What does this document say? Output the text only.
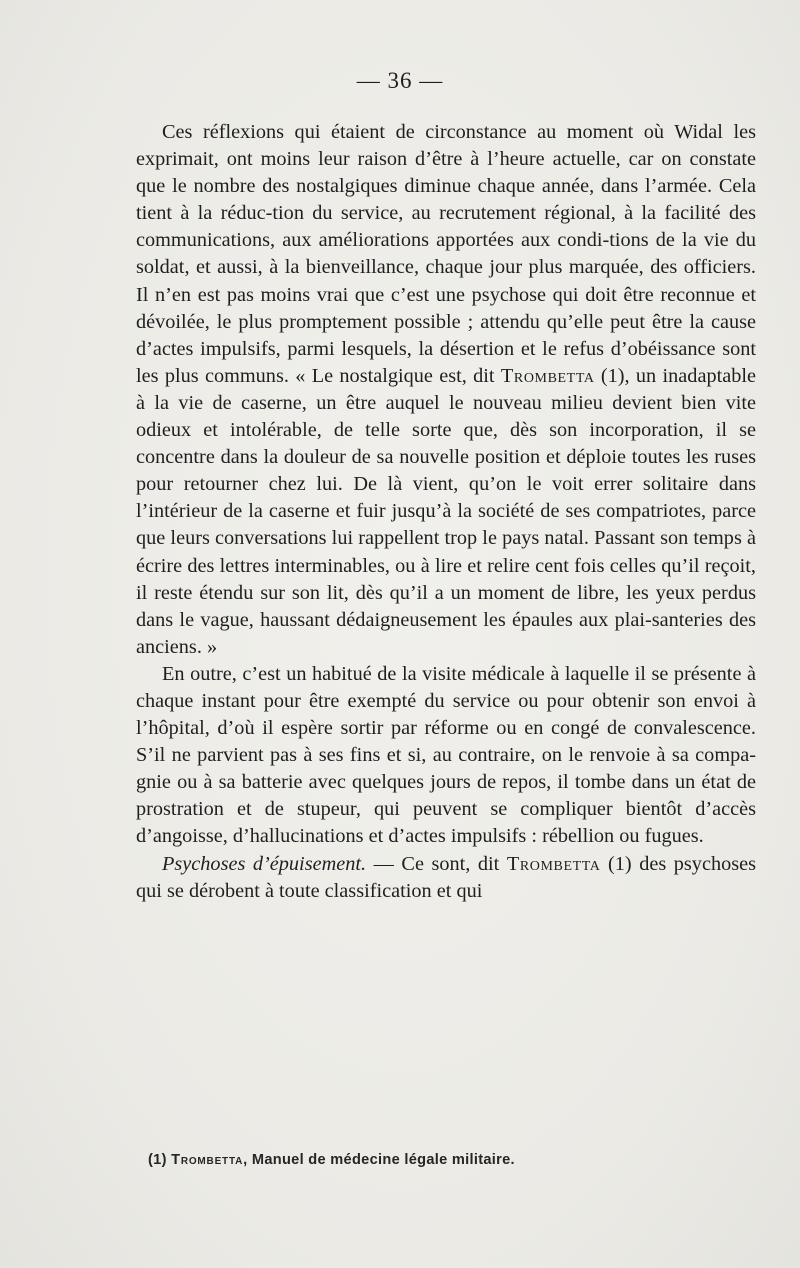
— 36 —

Ces réflexions qui étaient de circonstance au moment où Widal les exprimait, ont moins leur raison d’être à l’heure actuelle, car on constate que le nombre des nostalgiques diminue chaque année, dans l’armée. Cela tient à la réduc-tion du service, au recrutement régional, à la facilité des communications, aux améliorations apportées aux condi-tions de la vie du soldat, et aussi, à la bienveillance, chaque jour plus marquée, des officiers. Il n’en est pas moins vrai que c’est une psychose qui doit être reconnue et dévoilée, le plus promptement possible ; attendu qu’elle peut être la cause d’actes impulsifs, parmi lesquels, la désertion et le refus d’obéissance sont les plus communs. « Le nostalgique est, dit Trombetta (1), un inadaptable à la vie de caserne, un être auquel le nouveau milieu devient bien vite odieux et intolérable, de telle sorte que, dès son incorporation, il se concentre dans la douleur de sa nouvelle position et déploie toutes les ruses pour retourner chez lui. De là vient, qu’on le voit errer solitaire dans l’intérieur de la caserne et fuir jusqu’à la société de ses compatriotes, parce que leurs conversations lui rappellent trop le pays natal. Passant son temps à écrire des lettres interminables, ou à lire et relire cent fois celles qu’il reçoit, il reste étendu sur son lit, dès qu’il a un moment de libre, les yeux perdus dans le vague, haussant dédaigneusement les épaules aux plai-santeries des anciens. »

En outre, c’est un habitué de la visite médicale à laquelle il se présente à chaque instant pour être exempté du service ou pour obtenir son envoi à l’hôpital, d’où il espère sortir par réforme ou en congé de convalescence. S’il ne parvient pas à ses fins et si, au contraire, on le renvoie à sa compa-gnie ou à sa batterie avec quelques jours de repos, il tombe dans un état de prostration et de stupeur, qui peuvent se compliquer bientôt d’accès d’angoisse, d’hallucinations et d’actes impulsifs : rébellion ou fugues.

Psychoses d’épuisement. — Ce sont, dit Trombetta (1) des psychoses qui se dérobent à toute classification et qui

(1) Trombetta, Manuel de médecine légale militaire.
